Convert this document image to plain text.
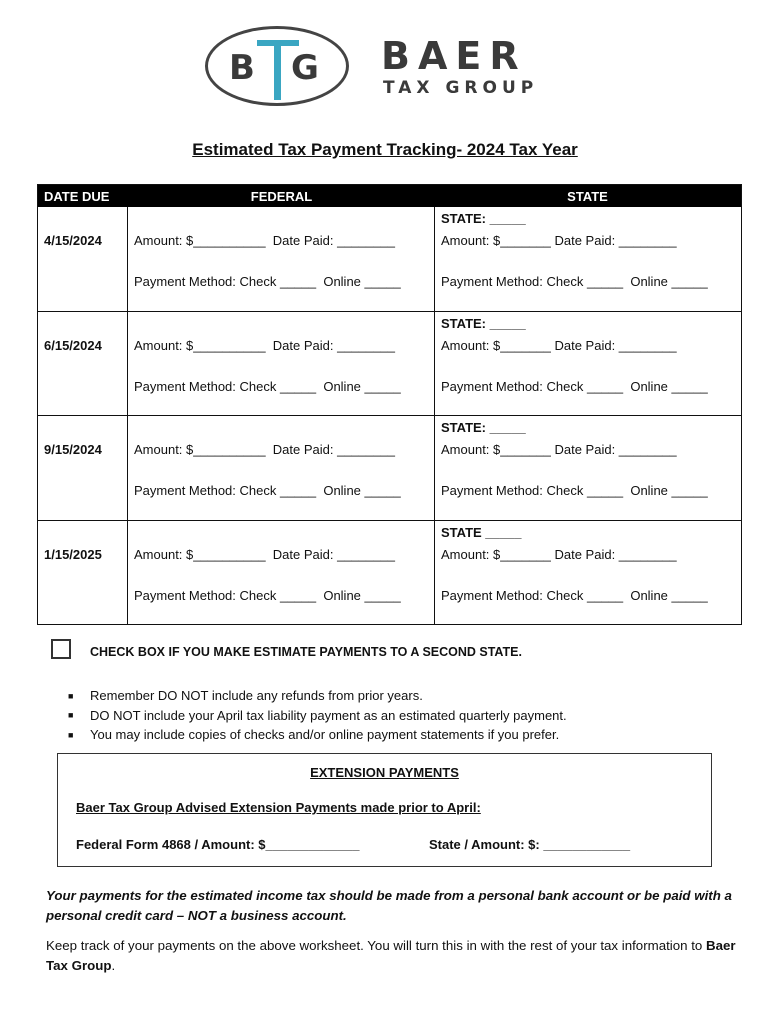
B G BAER
TAX GROUP
Estimated Tax Payment Tracking- 2024 Tax Year
DATE DUE	FEDERAL	STATE
4/15/2024 Amount: $__________  Date Paid: ________
Payment Method: Check _____  Online _____
STATE: _____
Amount: $_______ Date Paid: ________
Payment Method: Check _____  Online _____
6/15/2024 Amount: $__________  Date Paid: ________
Payment Method: Check _____  Online _____
STATE: _____
Amount: $_______ Date Paid: ________
Payment Method: Check _____  Online _____
9/15/2024 Amount: $__________  Date Paid: ________
Payment Method: Check _____  Online _____
STATE: _____
Amount: $_______ Date Paid: ________
Payment Method: Check _____  Online _____
1/15/2025 Amount: $__________  Date Paid: ________
Payment Method: Check _____  Online _____
STATE _____
Amount: $_______ Date Paid: ________
Payment Method: Check _____  Online _____
CHECK BOX IF YOU MAKE ESTIMATE PAYMENTS TO A SECOND STATE.
■	Remember DO NOT include any refunds from prior years.
■	DO NOT include your April tax liability payment as an estimated quarterly payment.
■	You may include copies of checks and/or online payment statements if you prefer.
EXTENSION PAYMENTS
Baer Tax Group Advised Extension Payments made prior to April:
Federal Form 4868 / Amount: $_____________	State / Amount: $: ____________
Your payments for the estimated income tax should be made from a personal bank account or be paid with a personal credit card – NOT a business account.
Keep track of your payments on the above worksheet. You will turn this in with the rest of your tax information to Baer Tax Group.
